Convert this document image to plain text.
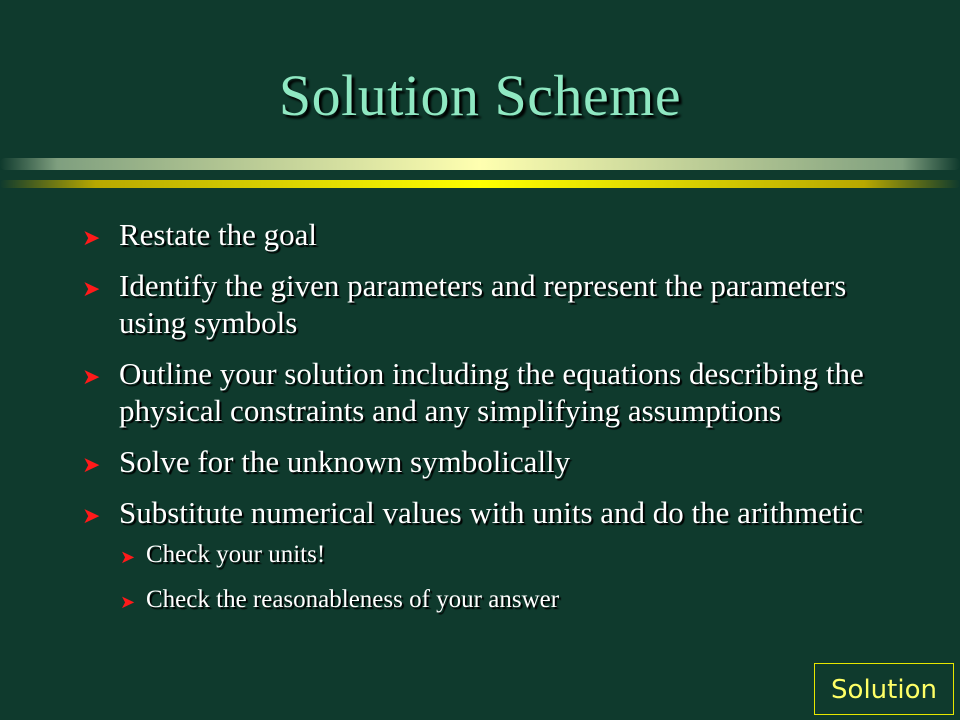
Solution Scheme
➤ Restate the goal
➤ Identify the given parameters and represent the parameters using symbols
➤ Outline your solution including the equations describing the physical constraints and any simplifying assumptions
➤ Solve for the unknown symbolically
➤ Substitute numerical values with units and do the arithmetic
➤ Check your units!
➤ Check the reasonableness of your answer
Solution
